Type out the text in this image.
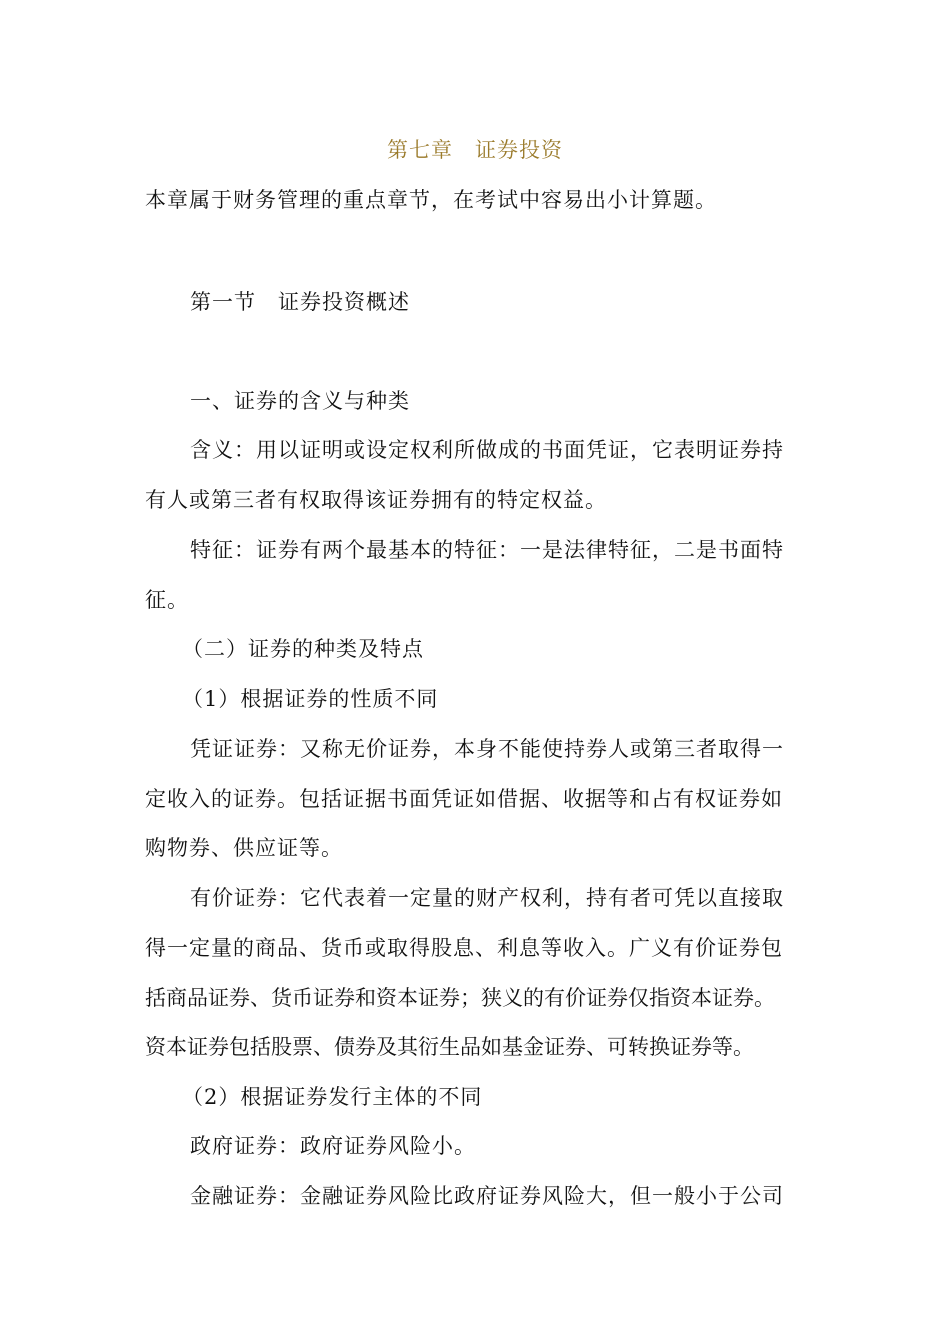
第七章 证券投资

本章属于财务管理的重点章节，在考试中容易出小计算题。

第一节　证券投资概述

一、证券的含义与种类

含义：用以证明或设定权利所做成的书面凭证，它表明证券持

有人或第三者有权取得该证券拥有的特定权益。

特征：证券有两个最基本的特征：一是法律特征，二是书面特

征。

（二）证券的种类及特点

（1）根据证券的性质不同

凭证证券：又称无价证券，本身不能使持券人或第三者取得一

定收入的证券。包括证据书面凭证如借据、收据等和占有权证券如

购物券、供应证等。

有价证券：它代表着一定量的财产权利，持有者可凭以直接取

得一定量的商品、货币或取得股息、利息等收入。广义有价证券包

括商品证券、货币证券和资本证券；狭义的有价证券仅指资本证券。

资本证券包括股票、债券及其衍生品如基金证券、可转换证券等。

（2）根据证券发行主体的不同

政府证券：政府证券风险小。

金融证券：金融证券风险比政府证券风险大，但一般小于公司
